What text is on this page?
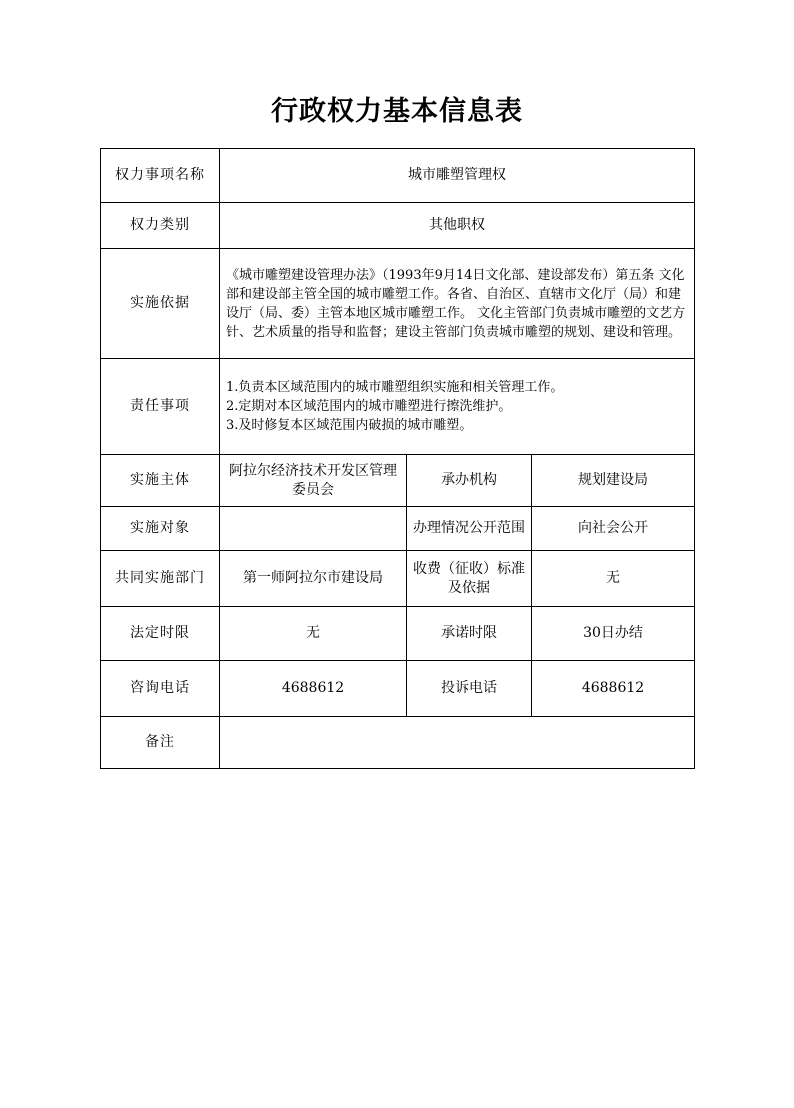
行政权力基本信息表
权力事项名称	城市雕塑管理权		
权力类别	其他职权		
实施依据	《城市雕塑建设管理办法》（1993年9月14日文化部、建设部发布）第五条 文化部和建设部主管全国的城市雕塑工作。各省、自治区、直辖市文化厅（局）和建设厅（局、委）主管本地区城市雕塑工作。 文化主管部门负责城市雕塑的文艺方针、艺术质量的指导和监督；建设主管部门负责城市雕塑的规划、建设和管理。		
责任事项	1.负责本区域范围内的城市雕塑组织实施和相关管理工作。
2.定期对本区域范围内的城市雕塑进行擦洗维护。
3.及时修复本区域范围内破损的城市雕塑。		

实施主体	阿拉尔经济技术开发区管理委员会	承办机构	规划建设局
实施对象		办理情况公开范围	向社会公开
共同实施部门	第一师阿拉尔市建设局	收费（征收）标准及依据	无
法定时限	无	承诺时限	30日办结
咨询电话	4688612	投诉电话	4688612
备注			
